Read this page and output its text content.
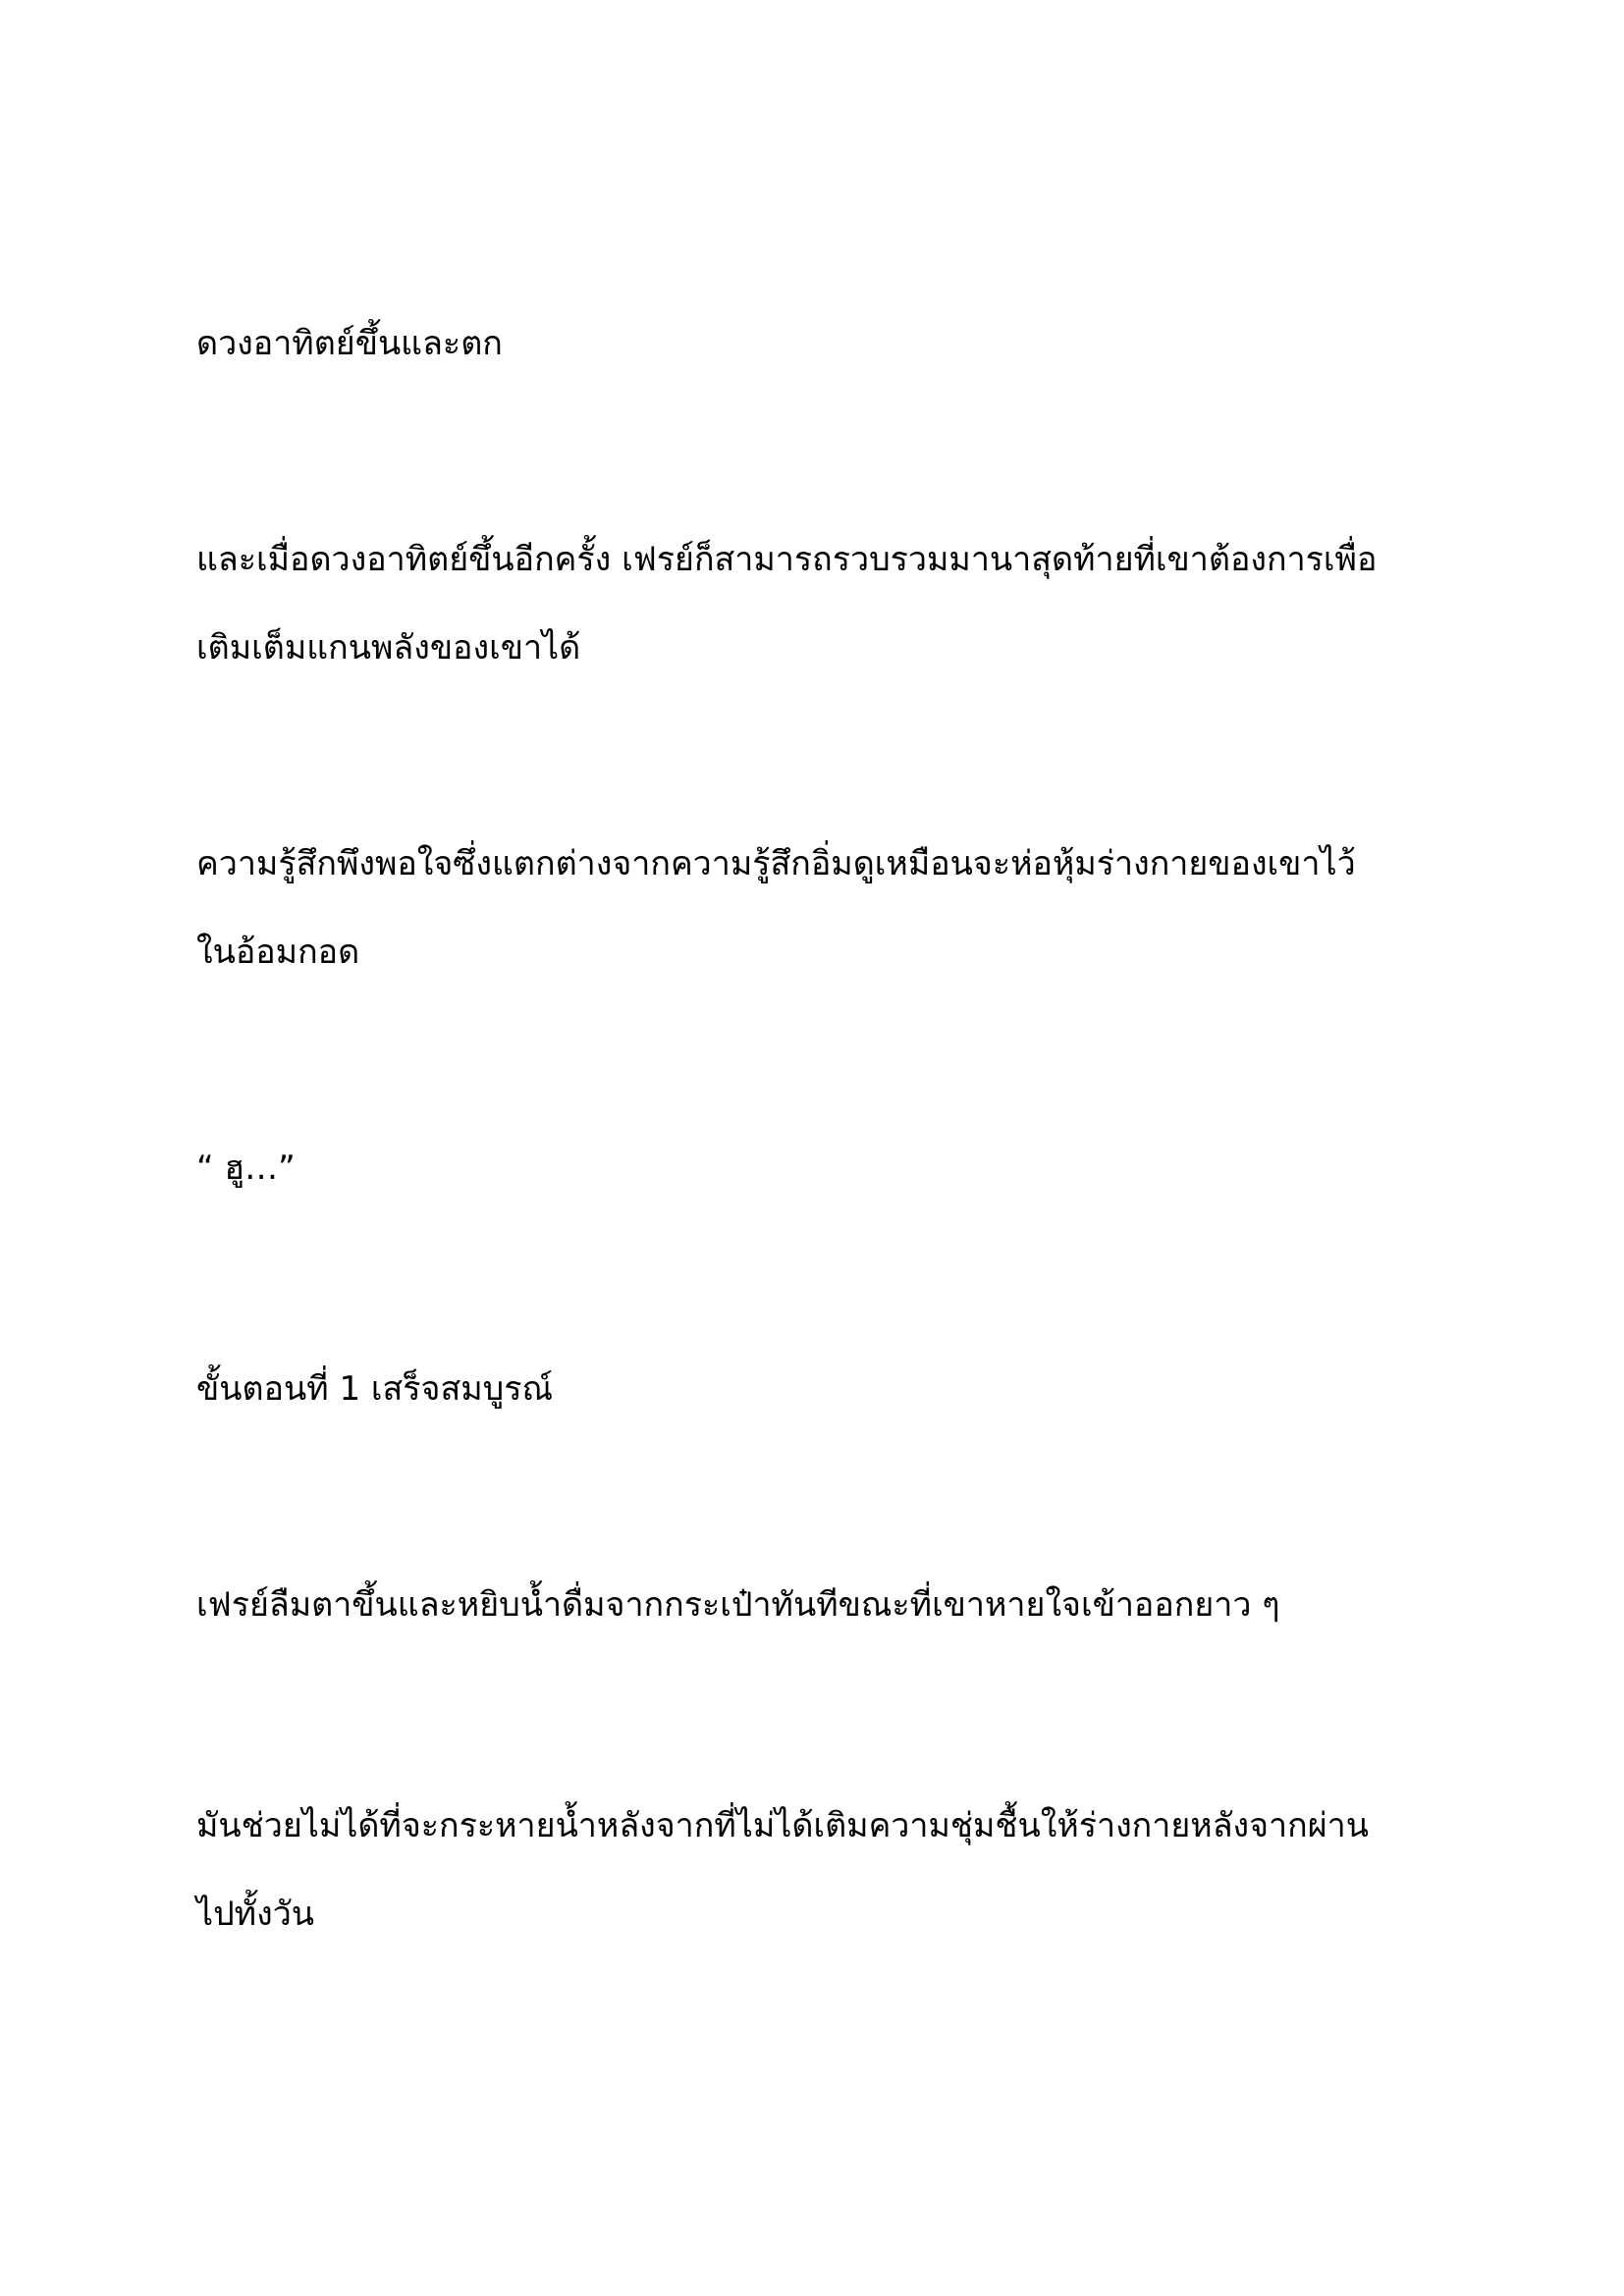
ดวงอาทิตย์ขึ้นและตก

และเมื่อดวงอาทิตย์ขึ้นอีกครั้ง เฟรย์ก็สามารถรวบรวมมานาสุดท้ายที่เขาต้องการเพื่อ
เติมเต็มแกนพลังของเขาได้

ความรู้สึกพึงพอใจซึ่งแตกต่างจากความรู้สึกอิ่มดูเหมือนจะห่อหุ้มร่างกายของเขาไว้
ในอ้อมกอด

“ ฮู…”

ขั้นตอนที่ 1 เสร็จสมบูรณ์

เฟรย์ลืมตาขึ้นและหยิบน้ำดื่มจากกระเป๋าทันทีขณะที่เขาหายใจเข้าออกยาว ๆ

มันช่วยไม่ได้ที่จะกระหายน้ำหลังจากที่ไม่ได้เติมความชุ่มชื้นให้ร่างกายหลังจากผ่าน
ไปทั้งวัน
